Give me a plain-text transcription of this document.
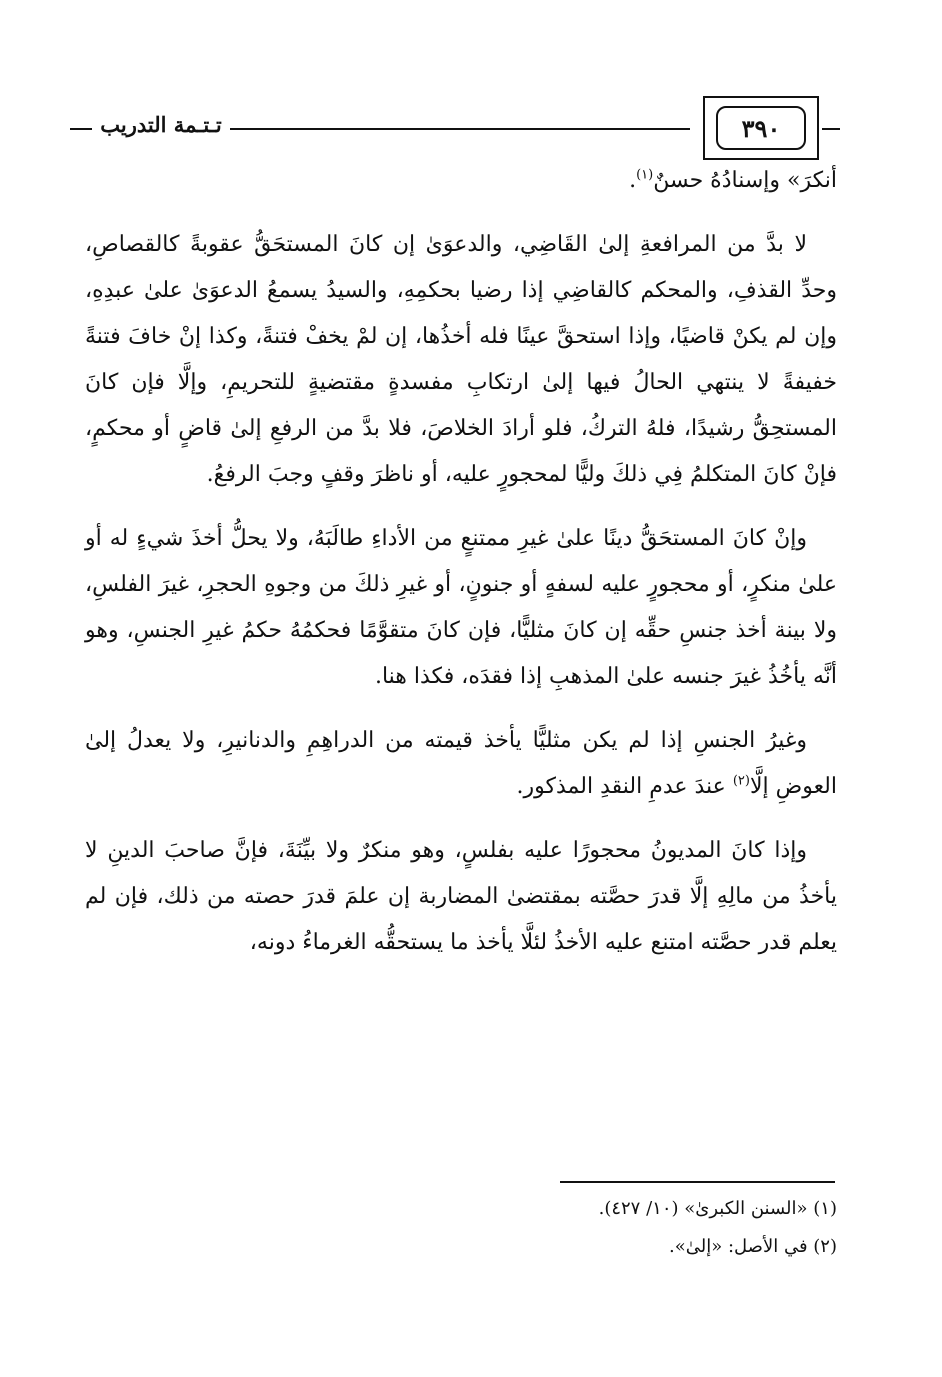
تـتـمة التدريب	٣٩٠

أنكرَ» وإسنادُهُ حسنٌ$^{(١)}$.

لا بدَّ من المرافعةِ إلىٰ القَاضِي، والدعوَىٰ إن كانَ المستحَقُّ عقوبةً كالقصاصِ، وحدِّ القذفِ، والمحكم كالقاضِي إذا رضيا بحكمِهِ، والسيدُ يسمعُ الدعوَىٰ علىٰ عبدِهِ، وإن لم يكنْ قاضيًا، وإذا استحقَّ عينًا فله أخذُها، إن لمْ يخفْ فتنةً، وكذا إنْ خافَ فتنةً خفيفةً لا ينتهي الحالُ فيها إلىٰ ارتكابِ مفسدةٍ مقتضيةٍ للتحريمِ، وإلَّا فإن كانَ المستحِقُّ رشيدًا، فلهُ التركُ، فلو أرادَ الخلاصَ، فلا بدَّ من الرفعِ إلىٰ قاضٍ أو محكمٍ، فإنْ كانَ المتكلمُ فِي ذلكَ وليًّا لمحجورٍ عليه، أو ناظرَ وقفٍ وجبَ الرفعُ.

وإنْ كانَ المستحَقُّ دينًا علىٰ غيرِ ممتنعٍ من الأداءِ طالَبَهُ، ولا يحلُّ أخذَ شيءٍ له أو علىٰ منكرٍ، أو محجورٍ عليه لسفهٍ أو جنونٍ، أو غيرِ ذلكَ من وجوهِ الحجرِ، غيرَ الفلسِ، ولا بينة أخذ جنسِ حقِّه إن كانَ مثليًّا، فإن كانَ متقوَّمًا فحكمُهُ حكمُ غيرِ الجنسِ، وهو أنَّه يأخُذُ غيرَ جنسه علىٰ المذهبِ إذا فقدَه، فكذا هنا.

وغيرُ الجنسِ إذا لم يكن مثليًّا يأخذ قيمته من الدراهِمِ والدنانيرِ، ولا يعدلُ إلىٰ العوضِ إلَّا$^{(٢)}$ عندَ عدمِ النقدِ المذكور.

وإذا كانَ المديونُ محجورًا عليه بفلسٍ، وهو منكرٌ ولا بيِّنَةَ، فإنَّ صاحبَ الدينِ لا يأخذُ من مالِهِ إلَّا قدرَ حصَّته بمقتضىٰ المضاربة إن علمَ قدرَ حصته من ذلك، فإن لم يعلم قدر حصَّته امتنع عليه الأخذُ لئلَّا يأخذ ما يستحقُّه الغرماءُ دونه،

(١) «السنن الكبرىٰ» (١٠/ ٤٢٧).

(٢) في الأصل: «إلىٰ».
